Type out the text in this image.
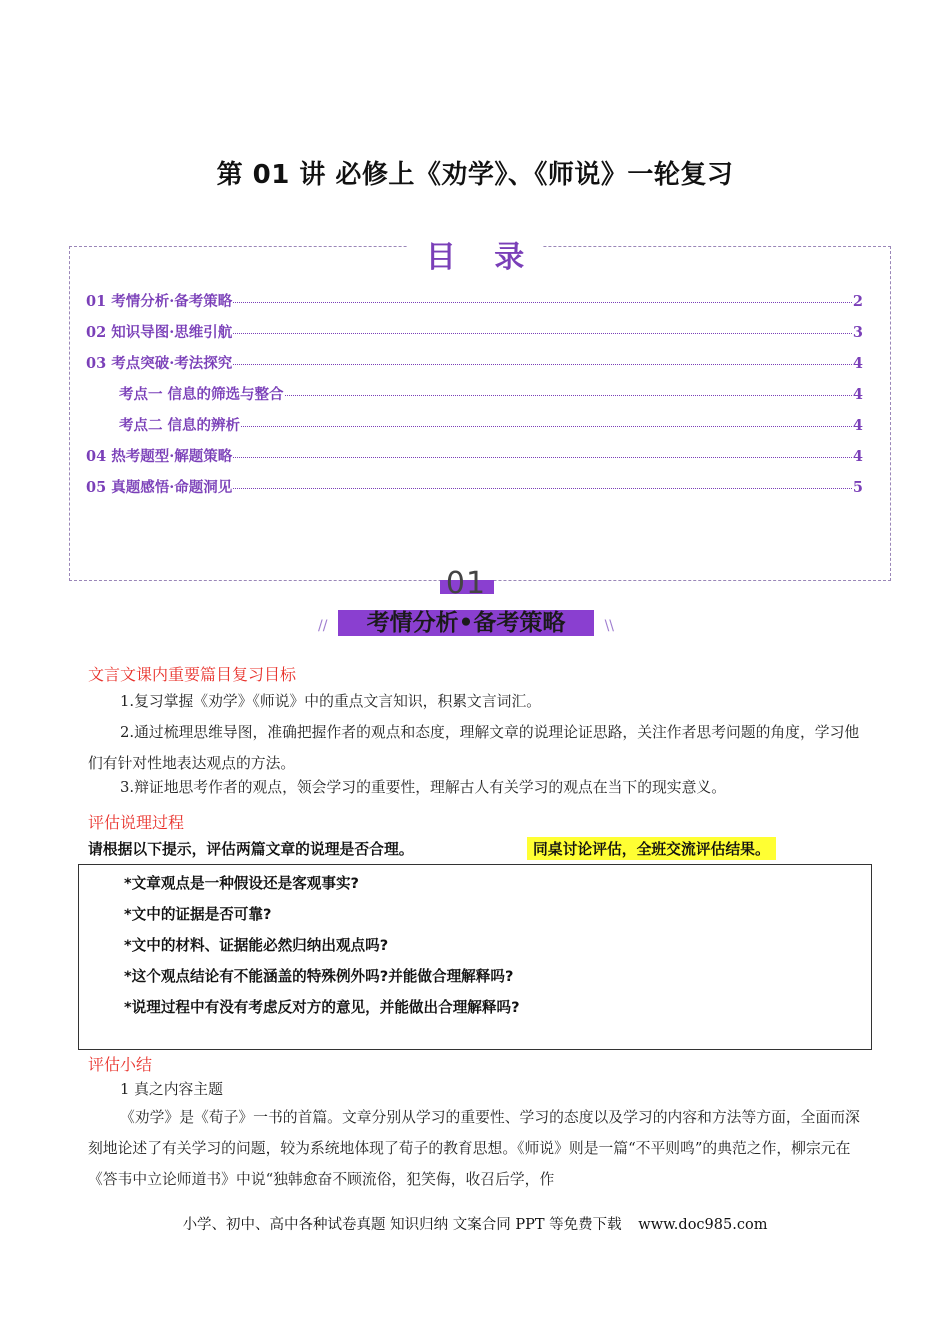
第 01 讲 必修上《劝学》、《师说》一轮复习
目 录
01 考情分析·备考策略	2
02 知识导图·思维引航	3
03 考点突破·考法探究	4
考点一 信息的筛选与整合	4
考点二 信息的辨析	4
04 热考题型·解题策略	4
05 真题感悟·命题洞见	5
01
考情分析•备考策略
//	\\
文言文课内重要篇目复习目标

1.复习掌握《劝学》《师说》中的重点文言知识，积累文言词汇。

2.通过梳理思维导图，准确把握作者的观点和态度，理解文章的说理论证思路，关注作者思考问题的角度，学习他们有针对性地表达观点的方法。

3.辩证地思考作者的观点，领会学习的重要性，理解古人有关学习的观点在当下的现实意义。

评估说理过程
请根据以下提示，评估两篇文章的说理是否合理。	同桌讨论评估，全班交流评估结果。
*文章观点是一种假设还是客观事实?
*文中的证据是否可靠?
*文中的材料、证据能必然归纳出观点吗?
*这个观点结论有不能涵盖的特殊例外吗?并能做合理解释吗?
*说理过程中有没有考虑反对方的意见，并能做出合理解释吗?
评估小结

1 真之内容主题

《劝学》是《荀子》一书的首篇。文章分别从学习的重要性、学习的态度以及学习的内容和方法等方面，全面而深刻地论述了有关学习的问题，较为系统地体现了荀子的教育思想。《师说》则是一篇“不平则鸣”的典范之作，柳宗元在《答韦中立论师道书》中说“独韩愈奋不顾流俗，犯笑侮，收召后学，作

小学、初中、高中各种试卷真题 知识归纳 文案合同 PPT 等免费下载 www.doc985.com
